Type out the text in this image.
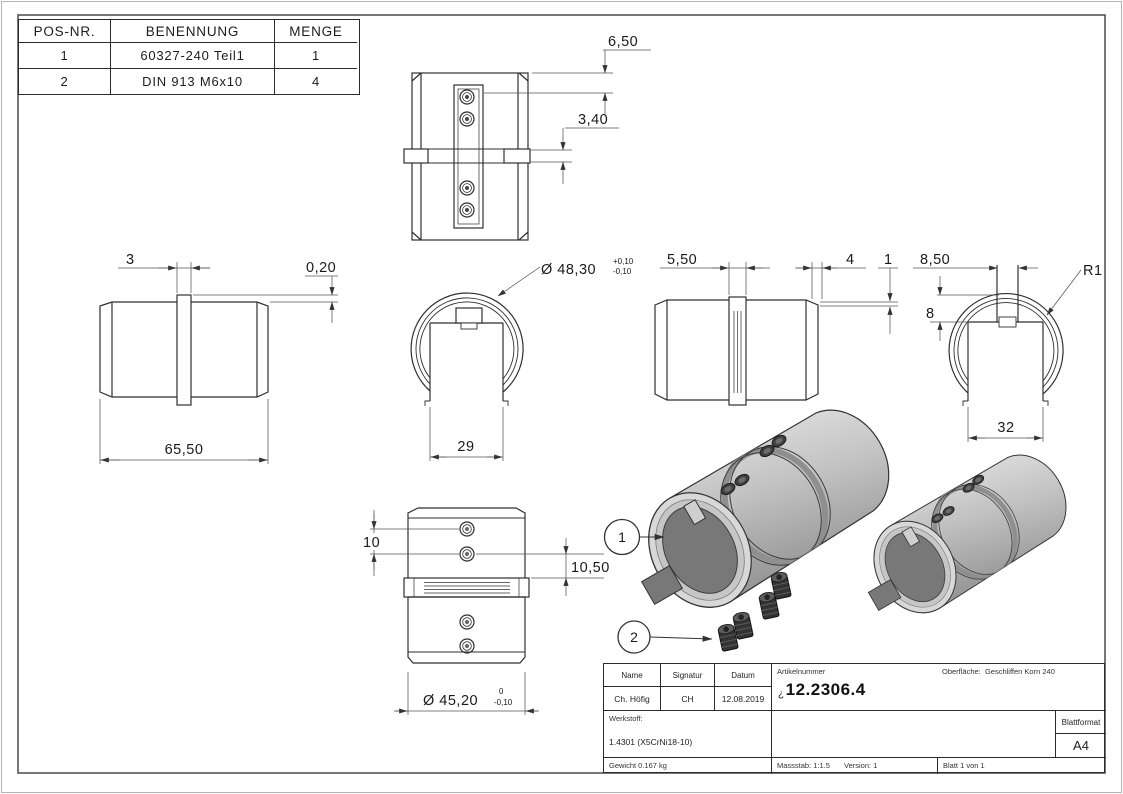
POS-NR.	BENENNUNG	MENGE
1	60327-240 Teil1	1
2	DIN 913 M6x10	4
6,50
3,40
3	0,20
65,50
Ø 48,30
+0,10
-0,10
29
5,50	4 1 8,50
8
R1
32
10
10,50
Ø 45,20
0
-0,10
1
2
Name	Signatur	Datum
Ch. Höfig	CH	12.08.2019
Artikelnummer	Oberfläche: Geschliffen Korn 240
¿12.2306.4
Werkstoff:
1.4301 (X5CrNi18-10)
Blattformat
A4
Gewicht 0.167 kg	Massstab: 1:1.5 Version: 1	Blatt 1 von 1
